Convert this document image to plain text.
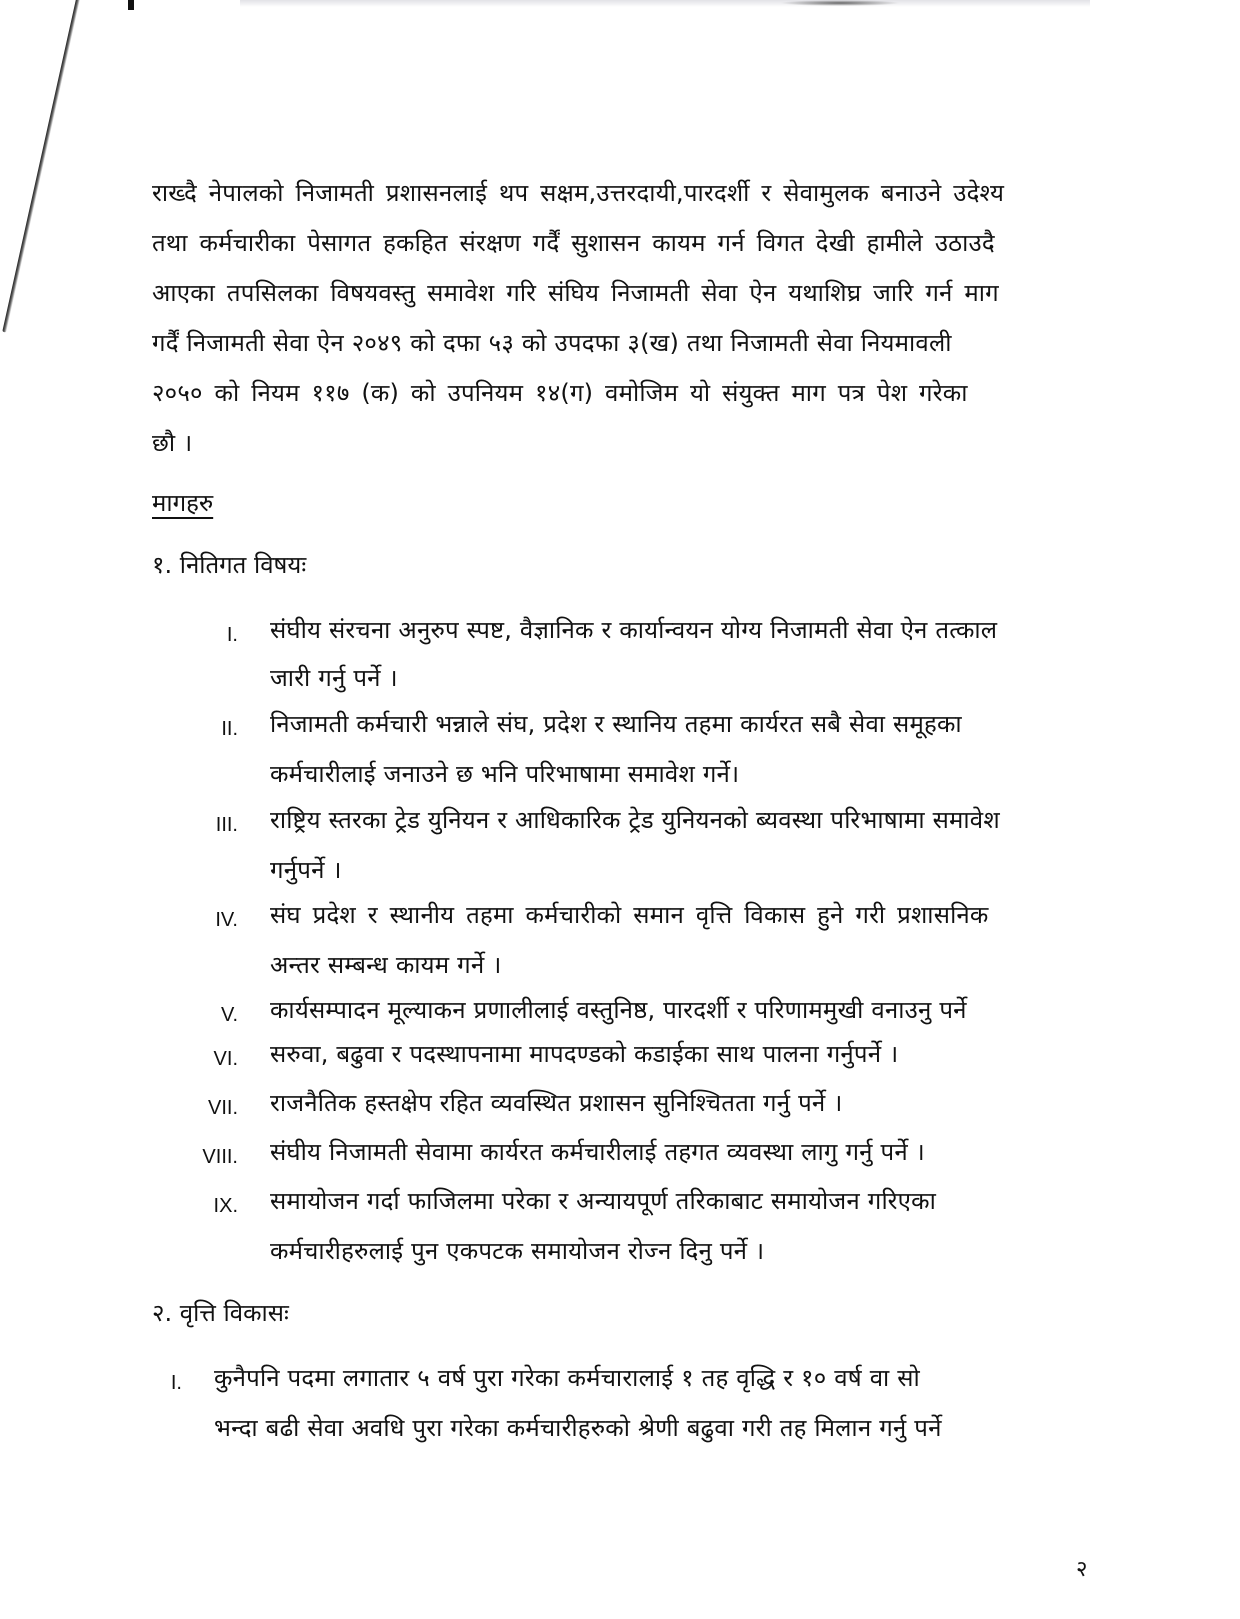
राख्दै नेपालको निजामती प्रशासनलाई थप सक्षम,उत्तरदायी,पारदर्शी र सेवामुलक बनाउने उदेश्य
तथा कर्मचारीका पेसागत हकहित संरक्षण गर्दैं सुशासन कायम गर्न विगत देखी हामीले उठाउदै
आएका तपसिलका विषयवस्तु समावेश गरि संघिय निजामती सेवा ऐन यथाशिघ्र जारि गर्न माग
गर्दैं निजामती सेवा ऐन २०४९ को दफा ५३ को उपदफा ३(ख) तथा निजामती सेवा नियमावली
२०५० को नियम ११७ (क) को उपनियम १४(ग) वमोजिम यो संयुक्त माग पत्र पेश गरेका
छौ ।
मागहरु
१. नितिगत विषयः
I. संघीय संरचना अनुरुप स्पष्ट, वैज्ञानिक र कार्यान्वयन योग्य निजामती सेवा ऐन तत्काल
जारी गर्नु पर्ने ।
II. निजामती कर्मचारी भन्नाले संघ, प्रदेश र स्थानिय तहमा कार्यरत सबै सेवा समूहका
कर्मचारीलाई जनाउने छ भनि परिभाषामा समावेश गर्ने।
III. राष्ट्रिय स्तरका ट्रेड युनियन र आधिकारिक ट्रेड युनियनको ब्यवस्था परिभाषामा समावेश
गर्नुपर्ने ।
IV. संघ प्रदेश र स्थानीय तहमा कर्मचारीको समान वृत्ति विकास हुने गरी प्रशासनिक
अन्तर सम्बन्ध कायम गर्ने ।
V. कार्यसम्पादन मूल्याकन प्रणालीलाई वस्तुनिष्ठ, पारदर्शी र परिणाममुखी वनाउनु पर्ने
VI. सरुवा, बढुवा र पदस्थापनामा मापदण्डको कडाईका साथ पालना गर्नुपर्ने ।
VII. राजनैतिक हस्तक्षेप रहित व्यवस्थित प्रशासन सुनिश्चितता गर्नु पर्ने ।
VIII. संघीय निजामती सेवामा कार्यरत कर्मचारीलाई तहगत व्यवस्था लागु गर्नु पर्ने ।
IX. समायोजन गर्दा फाजिलमा परेका र अन्यायपूर्ण तरिकाबाट समायोजन गरिएका
कर्मचारीहरुलाई पुन एकपटक समायोजन रोज्न दिनु पर्ने ।
२. वृत्ति विकासः
I. कुनैपनि पदमा लगातार ५ वर्ष पुरा गरेका कर्मचारालाई १ तह वृद्धि र १० वर्ष वा सो
भन्दा बढी सेवा अवधि पुरा गरेका कर्मचारीहरुको श्रेणी बढुवा गरी तह मिलान गर्नु पर्ने
२
